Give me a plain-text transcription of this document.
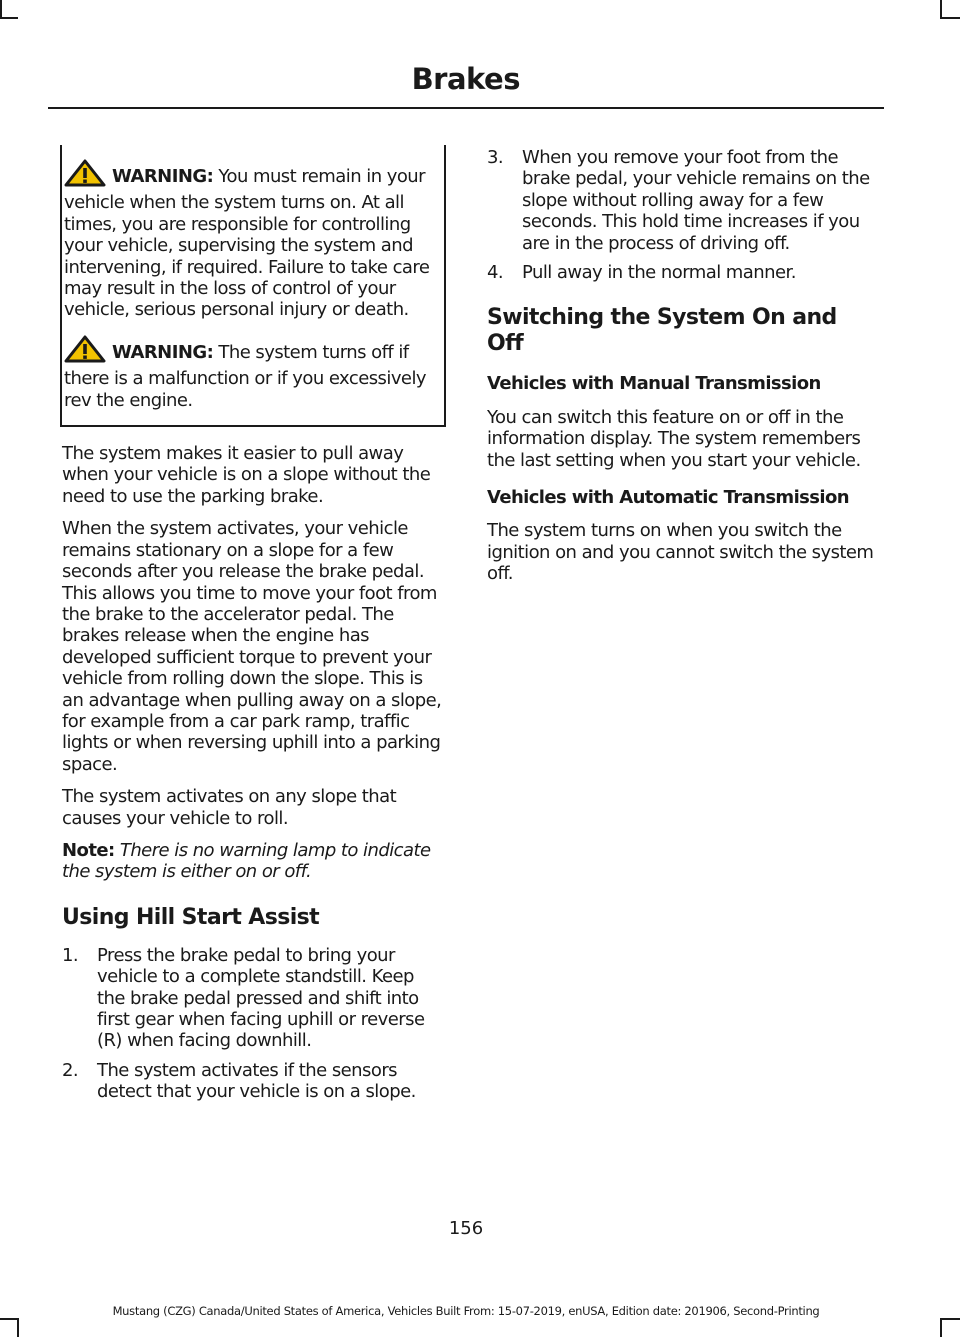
Brakes

WARNING: You must remain in your vehicle when the system turns on. At all times, you are responsible for controlling your vehicle, supervising the system and intervening, if required. Failure to take care may result in the loss of control of your vehicle, serious personal injury or death.

WARNING: The system turns off if there is a malfunction or if you excessively rev the engine.

The system makes it easier to pull away when your vehicle is on a slope without the need to use the parking brake.

When the system activates, your vehicle remains stationary on a slope for a few seconds after you release the brake pedal. This allows you time to move your foot from the brake to the accelerator pedal. The brakes release when the engine has developed sufficient torque to prevent your vehicle from rolling down the slope. This is an advantage when pulling away on a slope, for example from a car park ramp, traffic lights or when reversing uphill into a parking space.

The system activates on any slope that causes your vehicle to roll.

Note: There is no warning lamp to indicate the system is either on or off.

Using Hill Start Assist
1. Press the brake pedal to bring your vehicle to a complete standstill. Keep the brake pedal pressed and shift into first gear when facing uphill or reverse (R) when facing downhill.
2. The system activates if the sensors detect that your vehicle is on a slope.
3. When you remove your foot from the brake pedal, your vehicle remains on the slope without rolling away for a few seconds. This hold time increases if you are in the process of driving off.
4. Pull away in the normal manner.
Switching the System On and Off
Vehicles with Manual Transmission

You can switch this feature on or off in the information display. The system remembers the last setting when you start your vehicle.

Vehicles with Automatic Transmission

The system turns on when you switch the ignition on and you cannot switch the system off.

156
Mustang (CZG) Canada/United States of America, Vehicles Built From: 15-07-2019, enUSA, Edition date: 201906, Second-Printing
